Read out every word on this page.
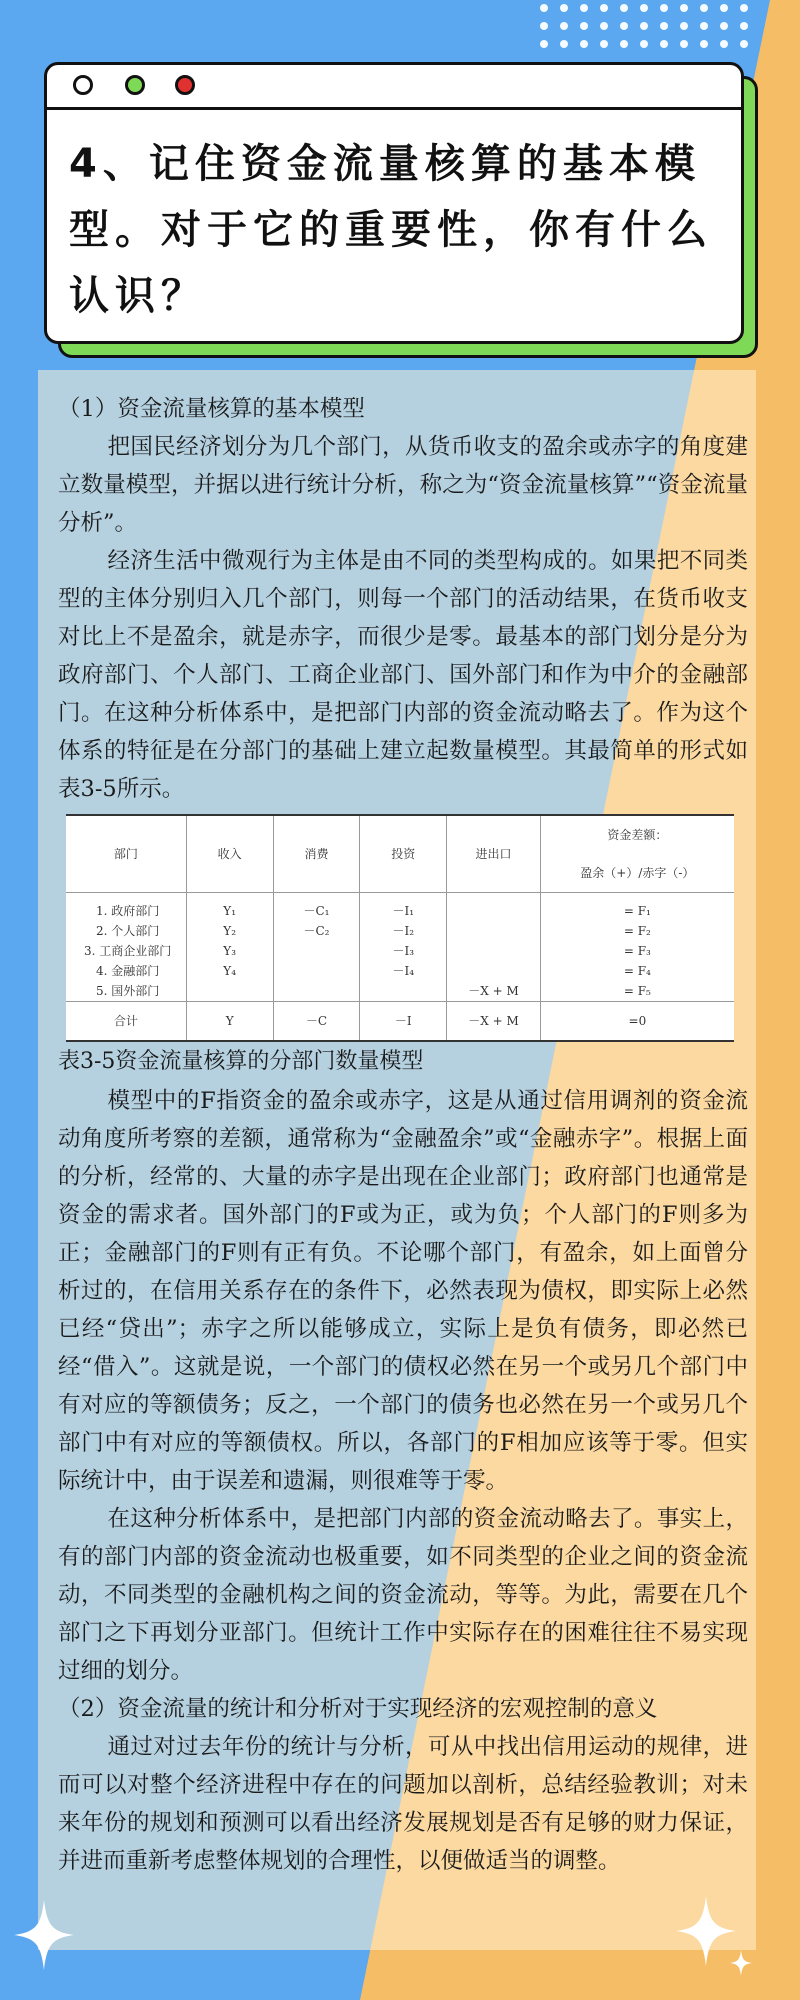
4、记住资金流量核算的基本模型。对于它的重要性，你有什么认识？

（1）资金流量核算的基本模型

把国民经济划分为几个部门，从货币收支的盈余或赤字的角度建立数量模型，并据以进行统计分析，称之为“资金流量核算”“资金流量分析”。

经济生活中微观行为主体是由不同的类型构成的。如果把不同类型的主体分别归入几个部门，则每一个部门的活动结果，在货币收支对比上不是盈余，就是赤字，而很少是零。最基本的部门划分是分为政府部门、个人部门、工商企业部门、国外部门和作为中介的金融部门。在这种分析体系中，是把部门内部的资金流动略去了。作为这个体系的特征是在分部门的基础上建立起数量模型。其最简单的形式如表3-5所示。

部门	收入	消费	投资	进出口	资金差额：
盈余（+）/赤字（-）

1. 政府部门	Y₁	－C₁	－I₁		= F₁
2. 个人部门	Y₂	－C₂	－I₂		= F₂
3. 工商企业部门	Y₃		－I₃		= F₃
4. 金融部门	Y₄		－I₄		= F₄
5. 国外部门				－X + M	= F₅
合计	Y	－C	－I	－X + M	=0

表3-5资金流量核算的分部门数量模型

模型中的F指资金的盈余或赤字，这是从通过信用调剂的资金流动角度所考察的差额，通常称为“金融盈余”或“金融赤字”。根据上面的分析，经常的、大量的赤字是出现在企业部门；政府部门也通常是资金的需求者。国外部门的F或为正，或为负；个人部门的F则多为正；金融部门的F则有正有负。不论哪个部门，有盈余，如上面曾分析过的，在信用关系存在的条件下，必然表现为债权，即实际上必然已经“贷出”；赤字之所以能够成立，实际上是负有债务，即必然已经“借入”。这就是说，一个部门的债权必然在另一个或另几个部门中有对应的等额债务；反之，一个部门的债务也必然在另一个或另几个部门中有对应的等额债权。所以，各部门的F相加应该等于零。但实际统计中，由于误差和遗漏，则很难等于零。

在这种分析体系中，是把部门内部的资金流动略去了。事实上，有的部门内部的资金流动也极重要，如不同类型的企业之间的资金流动，不同类型的金融机构之间的资金流动，等等。为此，需要在几个部门之下再划分亚部门。但统计工作中实际存在的困难往往不易实现过细的划分。

（2）资金流量的统计和分析对于实现经济的宏观控制的意义

通过对过去年份的统计与分析，可从中找出信用运动的规律，进而可以对整个经济进程中存在的问题加以剖析，总结经验教训；对未来年份的规划和预测可以看出经济发展规划是否有足够的财力保证，并进而重新考虑整体规划的合理性，以便做适当的调整。
